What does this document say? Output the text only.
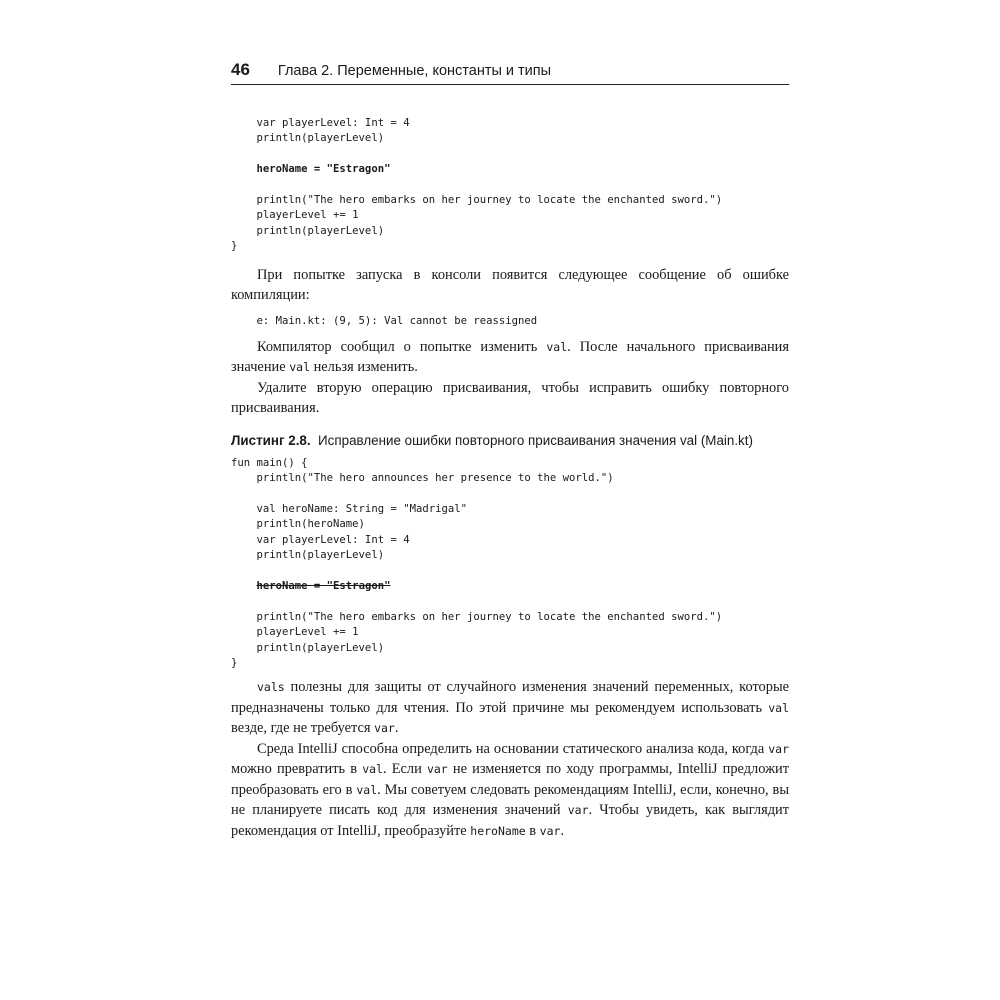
46 Глава 2. Переменные, константы и типы
var playerLevel: Int = 4
println(playerLevel)
heroName = "Estragon"
println("The hero embarks on her journey to locate the enchanted sword.")
playerLevel += 1
println(playerLevel)
}

При попытке запуска в консоли появится следующее сообщение об ошибке компиляции:

e: Main.kt: (9, 5): Val cannot be reassigned

Компилятор сообщил о попытке изменить val. После начального присваивания значение val нельзя изменить.

Удалите вторую операцию присваивания, чтобы исправить ошибку повторного присваивания.

Листинг 2.8. Исправление ошибки повторного присваивания значения val (Main.kt)

fun main() {
println("The hero announces her presence to the world.")
val heroName: String = "Madrigal"
println(heroName)
var playerLevel: Int = 4
println(playerLevel)
heroName = "Estragon"
println("The hero embarks on her journey to locate the enchanted sword.")
playerLevel += 1
println(playerLevel)
}

vals полезны для защиты от случайного изменения значений переменных, которые предназначены только для чтения. По этой причине мы рекомендуем использовать val везде, где не требуется var.

Среда IntelliJ способна определить на основании статического анализа кода, когда var можно превратить в val. Если var не изменяется по ходу программы, IntelliJ предложит преобразовать его в val. Мы советуем следовать рекомендациям IntelliJ, если, конечно, вы не планируете писать код для изменения значений var. Чтобы увидеть, как выглядит рекомендация от IntelliJ, преобразуйте heroName в var.
